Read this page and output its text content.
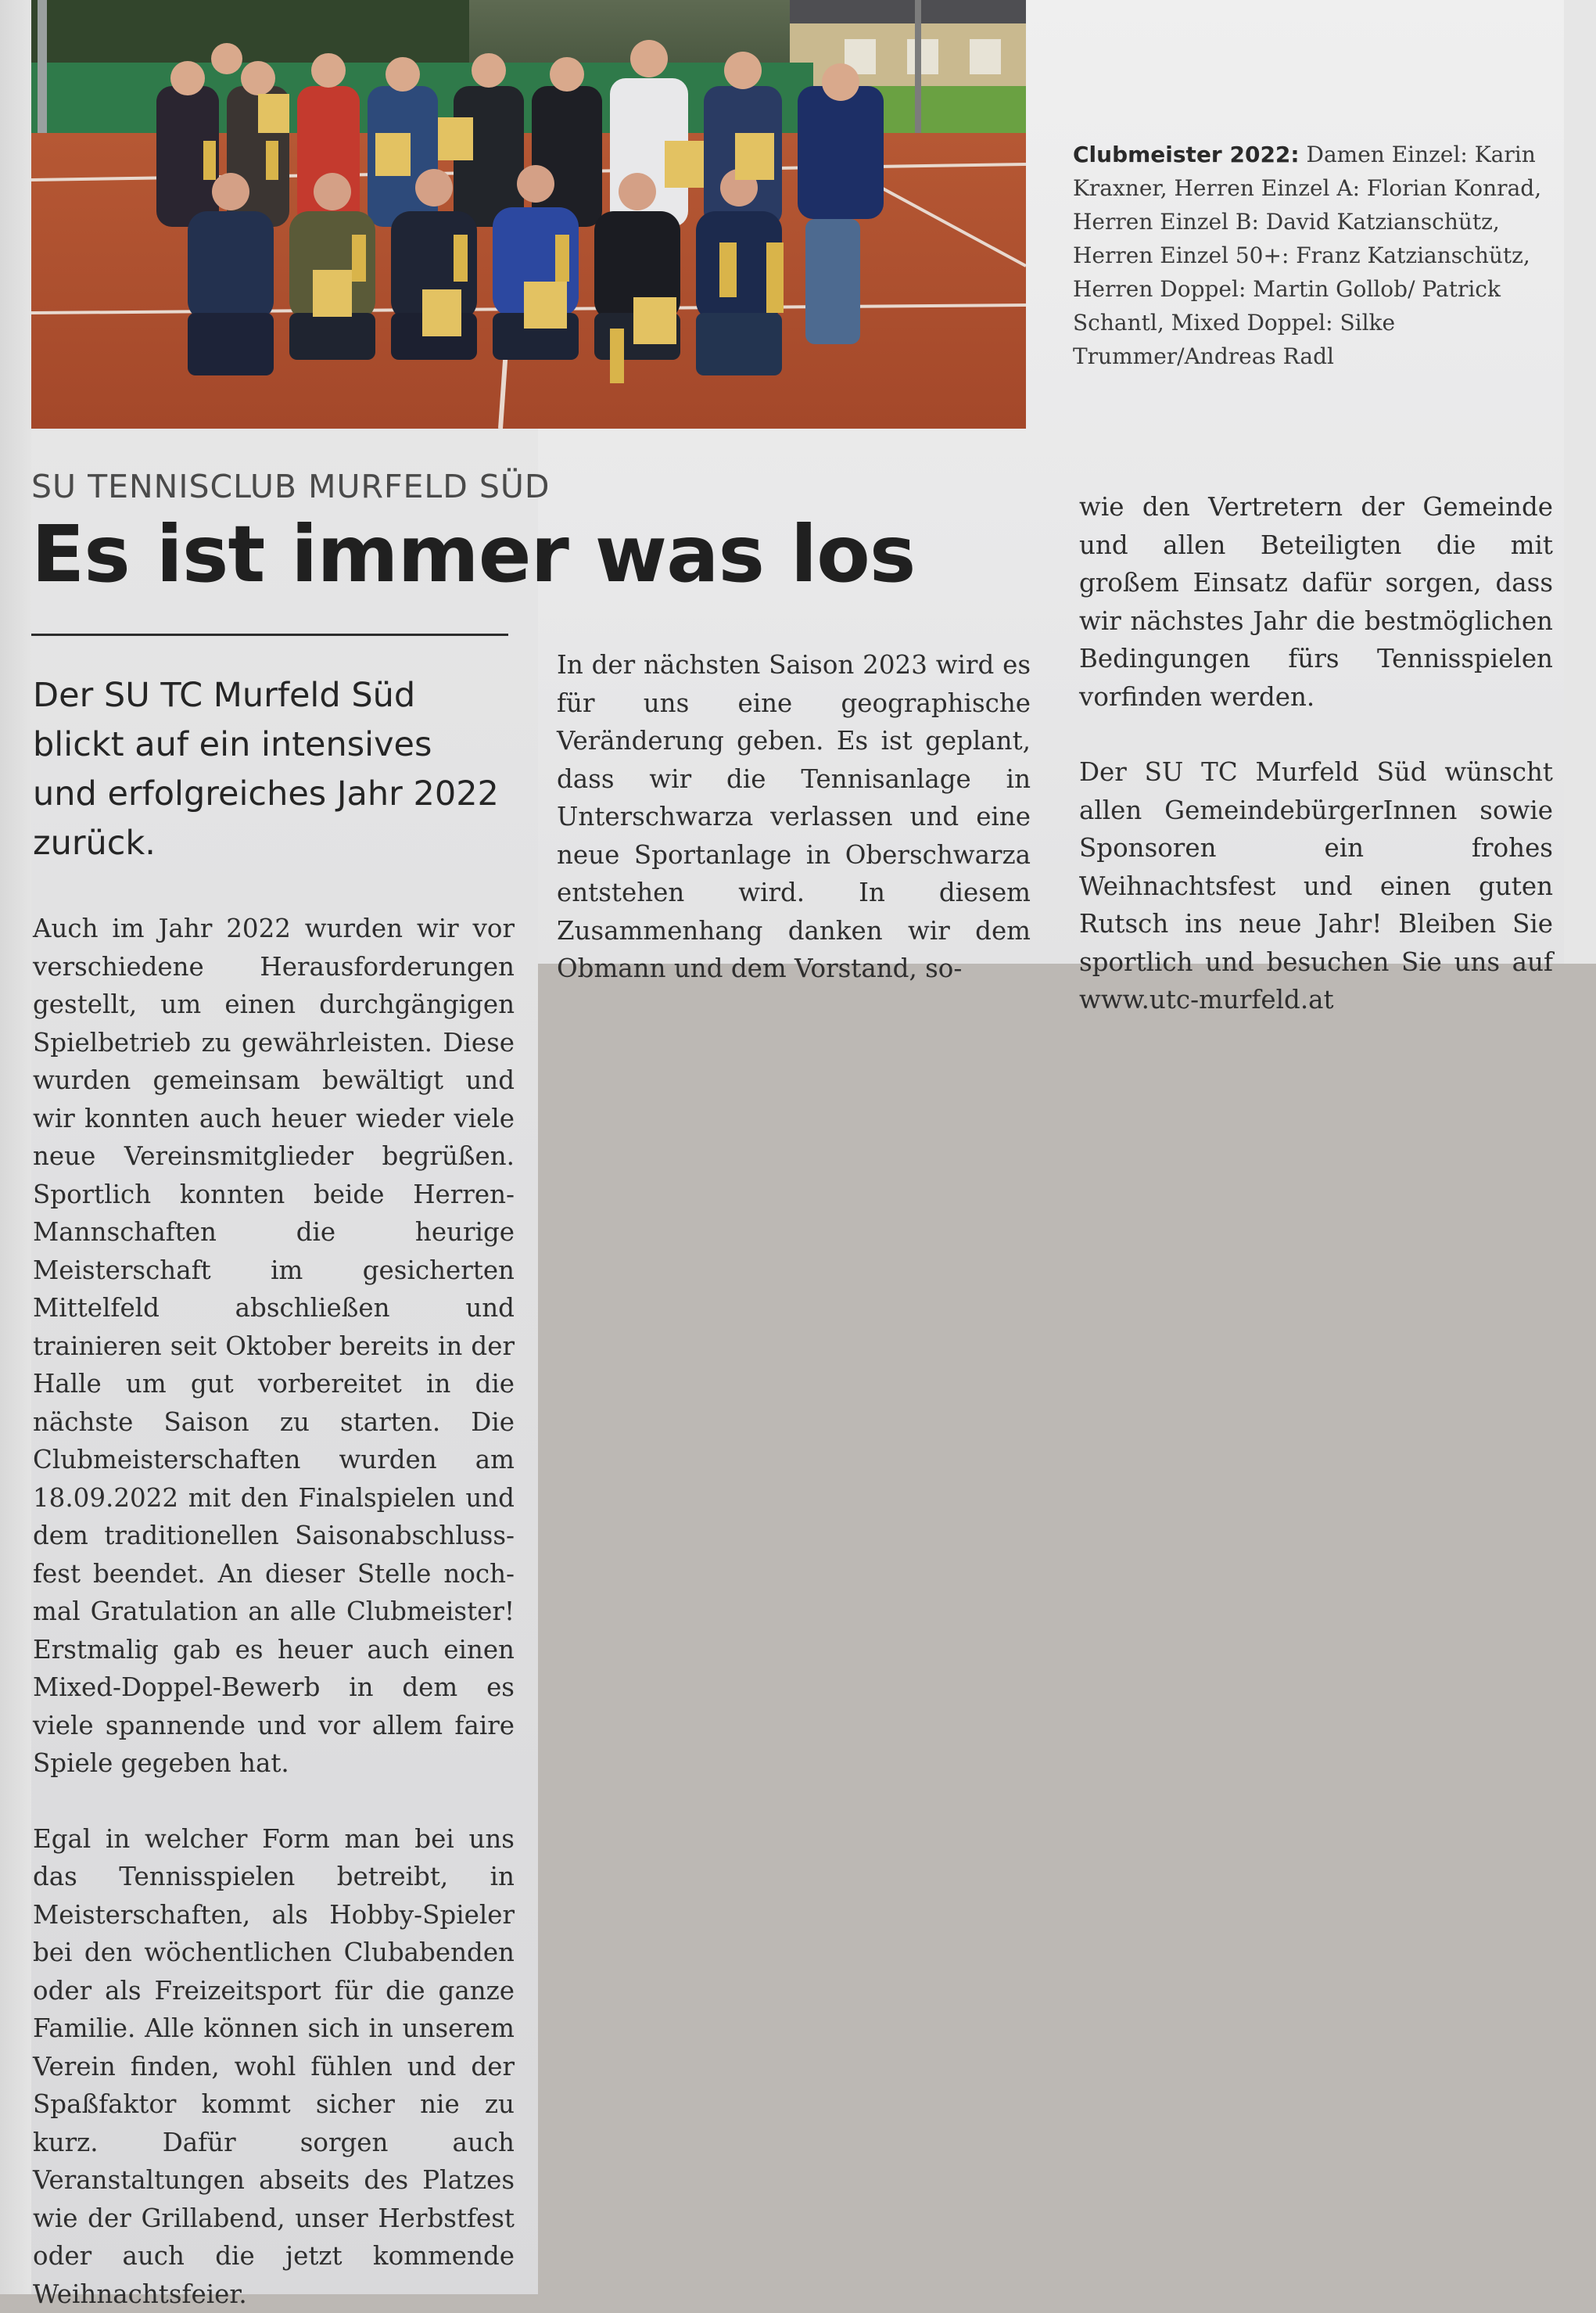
Clubmeister 2022: Damen Einzel: Karin Kraxner, Herren Einzel A: Florian Konrad, Herren Einzel B: David Katzianschütz, Herren Einzel 50+: Franz Katzianschütz, Herren Doppel: Martin Gollob/ Patrick Schantl, Mixed Doppel: Silke Trummer/Andreas Radl
SU TENNISCLUB MURFELD SÜD
Es ist immer was los
Der SU TC Murfeld Süd blickt auf ein intensives und erfolgreiches Jahr 2022 zurück.

Auch im Jahr 2022 wurden wir vor verschiedene Herausforderungen gestellt, um einen durchgängigen Spielbetrieb zu gewährleisten. Diese wurden gemeinsam bewältigt und wir konnten auch heuer wieder viele neue Vereinsmitglieder begrüßen. Sportlich konnten beide Herren-Mannschaften die heurige Meisterschaft im gesicherten Mittelfeld abschließen und trainieren seit Oktober bereits in der Halle um gut vorbereitet in die nächste Saison zu starten. Die Clubmeisterschaften wurden am 18.09.2022 mit den Finalspielen und dem traditionellen Saisonabschlussfest beendet. An dieser Stelle nochmal Gratulation an alle Clubmeister! Erstmalig gab es heuer auch einen Mixed-Doppel-Bewerb in dem es viele spannende und vor allem faire Spiele gegeben hat.

Egal in welcher Form man bei uns das Tennisspielen betreibt, in Meisterschaften, als Hobby-Spieler bei den wöchentlichen Clubabenden oder als Freizeitsport für die ganze Familie. Alle können sich in unserem Verein finden, wohl fühlen und der Spaßfaktor kommt sicher nie zu kurz. Dafür sorgen auch Veranstaltungen abseits des Platzes wie der Grillabend, unser Herbstfest oder auch die jetzt kommende Weihnachtsfeier.

In der nächsten Saison 2023 wird es für uns eine geographische Veränderung geben. Es ist geplant, dass wir die Tennisanlage in Unterschwarza verlassen und eine neue Sportanlage in Oberschwarza entstehen wird. In diesem Zusammenhang danken wir dem Obmann und dem Vorstand, so-

wie den Vertretern der Gemeinde und allen Beteiligten die mit großem Einsatz dafür sorgen, dass wir nächstes Jahr die bestmöglichen Bedingungen fürs Tennisspielen vorfinden werden.

Der SU TC Murfeld Süd wünscht allen GemeindebürgerInnen sowie Sponsoren ein frohes Weihnachtsfest und einen guten Rutsch ins neue Jahr! Bleiben Sie sportlich und besuchen Sie uns auf www.utc-murfeld.at
